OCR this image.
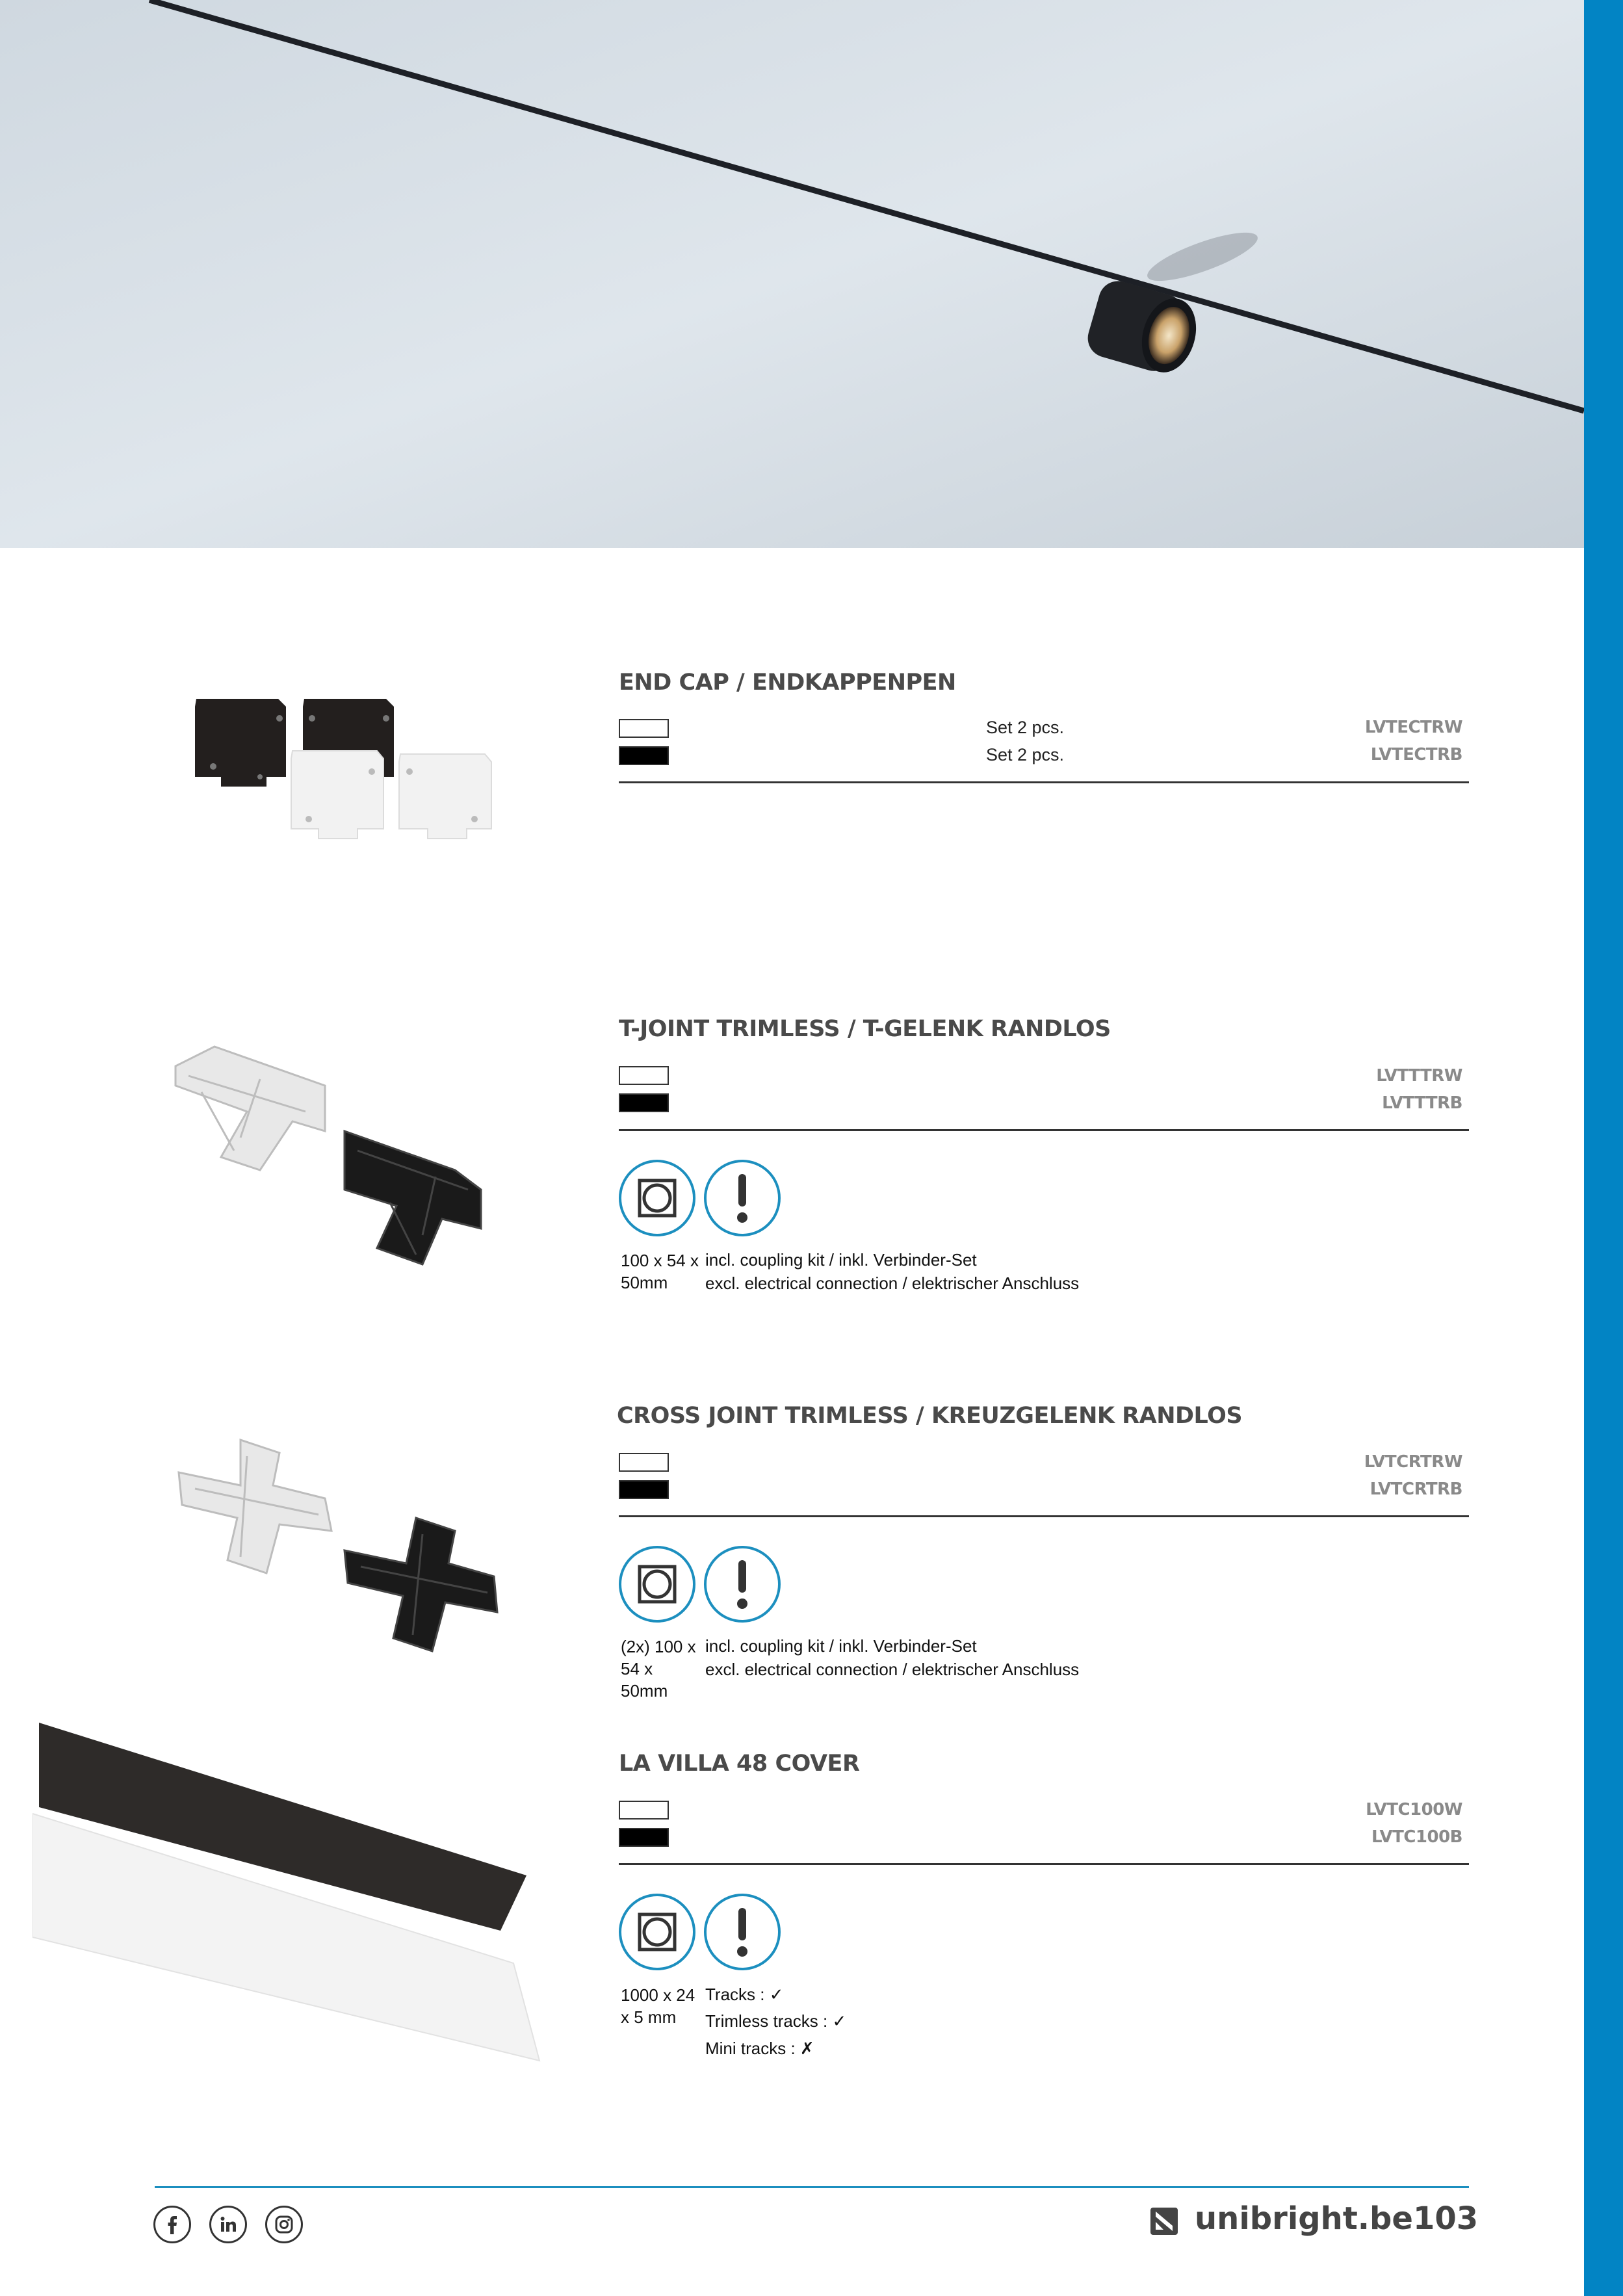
END CAP / ENDKAPPENPEN
Set 2 pcs.	LVTECTRW
Set 2 pcs.	LVTECTRB
T-JOINT TRIMLESS / T-GELENK RANDLOS
LVTTTRW
LVTTTRB
100 x 54 x 50mm
incl. coupling kit / inkl. Verbinder-Set
excl. electrical connection / elektrischer Anschluss
CROSS JOINT TRIMLESS / KREUZGELENK RANDLOS
LVTCRTRW
LVTCRTRB
(2x) 100 x 54 x 50mm
incl. coupling kit / inkl. Verbinder-Set
excl. electrical connection / elektrischer Anschluss
LA VILLA 48 COVER
LVTC100W
LVTC100B
1000 x 24 x 5 mm
Tracks : ✓
Trimless tracks : ✓
Mini tracks : ✗
unibright.be 103
